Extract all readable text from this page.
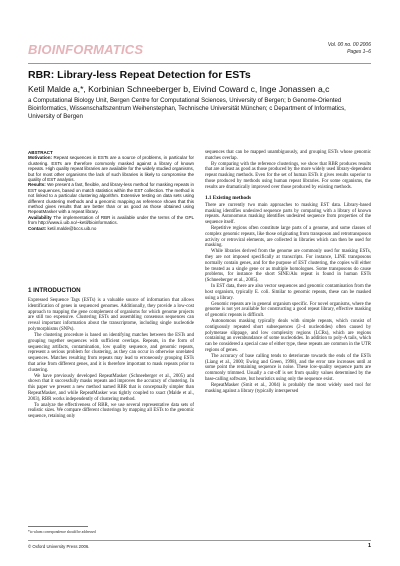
BIOINFORMATICS	Vol. 00 no. 00 2006
Pages 1–6
RBR: Library-less Repeat Detection for ESTs
Ketil Malde a,*, Korbinian Schneeberger b, Eivind Coward c, Inge Jonassen a,c
a Computational Biology Unit, Bergen Centre for Computational Sciences, University of Bergen; b Genome-Oriented Bioinformatics, Wissenschaftszentrum Weihenstephan, Technische Universität München; c Department of Informatics, University of Bergen

ABSTRACT

Motivation: Repeat sequences in ESTs are a source of problems, in particular for clustering. ESTs are therefore commonly masked against a library of known repeats. High quality repeat libraries are available for the widely studied organisms, but for most other organisms the lack of such libraries is likely to compromise the quality of EST analysis.

Results: We present a fast, flexible, and library-less method for masking repeats in EST sequences, based on match statistics within the EST collection. The method is not linked to a particular clustering algorithm. Extensive testing on data sets using different clustering methods and a genomic mapping as reference shows that this method gives results that are better than or as good as those obtained using RepeatMasker with a repeat library.

Availability The implementation of RBR is available under the terms of the GPL from http://www.ii.uib.no/~ketil/bioinformatics.

Contact: ketil.malde@bccs.uib.no

1 INTRODUCTION

Expressed Sequence Tags (ESTs) is a valuable source of information that allows identification of genes in sequenced genomes. Additionally, they provide a low-cost approach to mapping the gene complement of organisms for which genome projects are still too expensive. Clustering ESTs and assembling consensus sequences can reveal important information about the transcriptome, including single nucleotide polymorphisms (SNPs).

The clustering procedure is based on identifying matches between the ESTs and grouping together sequences with sufficient overlaps. Repeats, in the form of sequencing artifacts, contamination, low quality sequence, and genomic repeats, represent a serious problem for clustering, as they can occur in otherwise unrelated sequences. Matches resulting from repeats may lead to erroneously grouping ESTs that arise from different genes, and it is therefore important to mask repeats prior to clustering.

We have previously developed RepeatMasker (Schneeberger et al., 2005) and shown that it successfully masks repeats and improves the accuracy of clustering. In this paper we present a new method named RBR that is conceptually simpler than RepeatMasker, and while RepeatMasker was tightly coupled to xsact (Malde et al., 2003), RBR works independently of clustering method.

To analyze the effectiveness of RBR, we use several representative data sets of realistic sizes. We compare different clusterings by mapping all ESTs to the genomic sequence, retaining only

*to whom correspondence should be addressed

sequences that can be mapped unambiguously, and grouping ESTs whose genomic matches overlap.

By comparing with the reference clusterings, we show that RBR produces results that are at least as good as those produced by the more widely used library-dependent repeat masking methods. Even for the set of human ESTs it gives results superior to those produced by methods using human repeat libraries. For some organisms, the results are dramatically improved over those produced by existing methods.

1.1 Existing methods

There are currently two main approaches to masking EST data. Library-based masking identifies undesired sequence parts by comparing with a library of known repeats. Autonomous masking identifies undesired sequence from properties of the sequence itself.

Repetitive regions often constitute large parts of a genome, and some classes of complex genomic repeats, like those originating from transposon and retrotransposon activity or retroviral elements, are collected in libraries which can then be used for masking.

While libraries derived from the genome are commonly used for masking ESTs, they are not imposed specifically at transcripts. For instance, LINE transposons normally contain genes, and for the purpose of EST clustering, the copies will either be treated as a single gene or as multiple homologues. Some transposons do cause problems, for instance the short SINE/Alu repeat is found in human ESTs (Schneeberger et al., 2005).

In EST data, there are also vector sequences and genomic contamination from the host organism, typically E. coli. Similar to genomic repeats, these can be masked using a library.

Genomic repeats are in general organism specific. For novel organisms, where the genome is not yet available for constructing a good repeat library, effective masking of genomic repeats is difficult.

Autonomous masking typically deals with simple repeats, which consist of contiguously repeated short subsequences (2–4 nucleotides) often caused by polymerase slippage, and low complexity regions (LCRs), which are regions containing an overabundance of some nucleotides. In addition to poly-A tails, which can be considered a special case of either type, these repeats are common in the UTR regions of genes.

The accuracy of base calling tends to deteriorate towards the ends of the ESTs (Liang et al., 2000; Ewing and Green, 1998), and the error rate increases until at some point the remaining sequence is noise. These low-quality sequence parts are commonly trimmed. Usually a cut-off is set from quality values determined by the base-calling software, but heuristics using only the sequence exist.

RepeatMasker (Smit et al., 2004) is probably the most widely used tool for masking against a library (typically interspersed

© Oxford University Press 2006.	1
